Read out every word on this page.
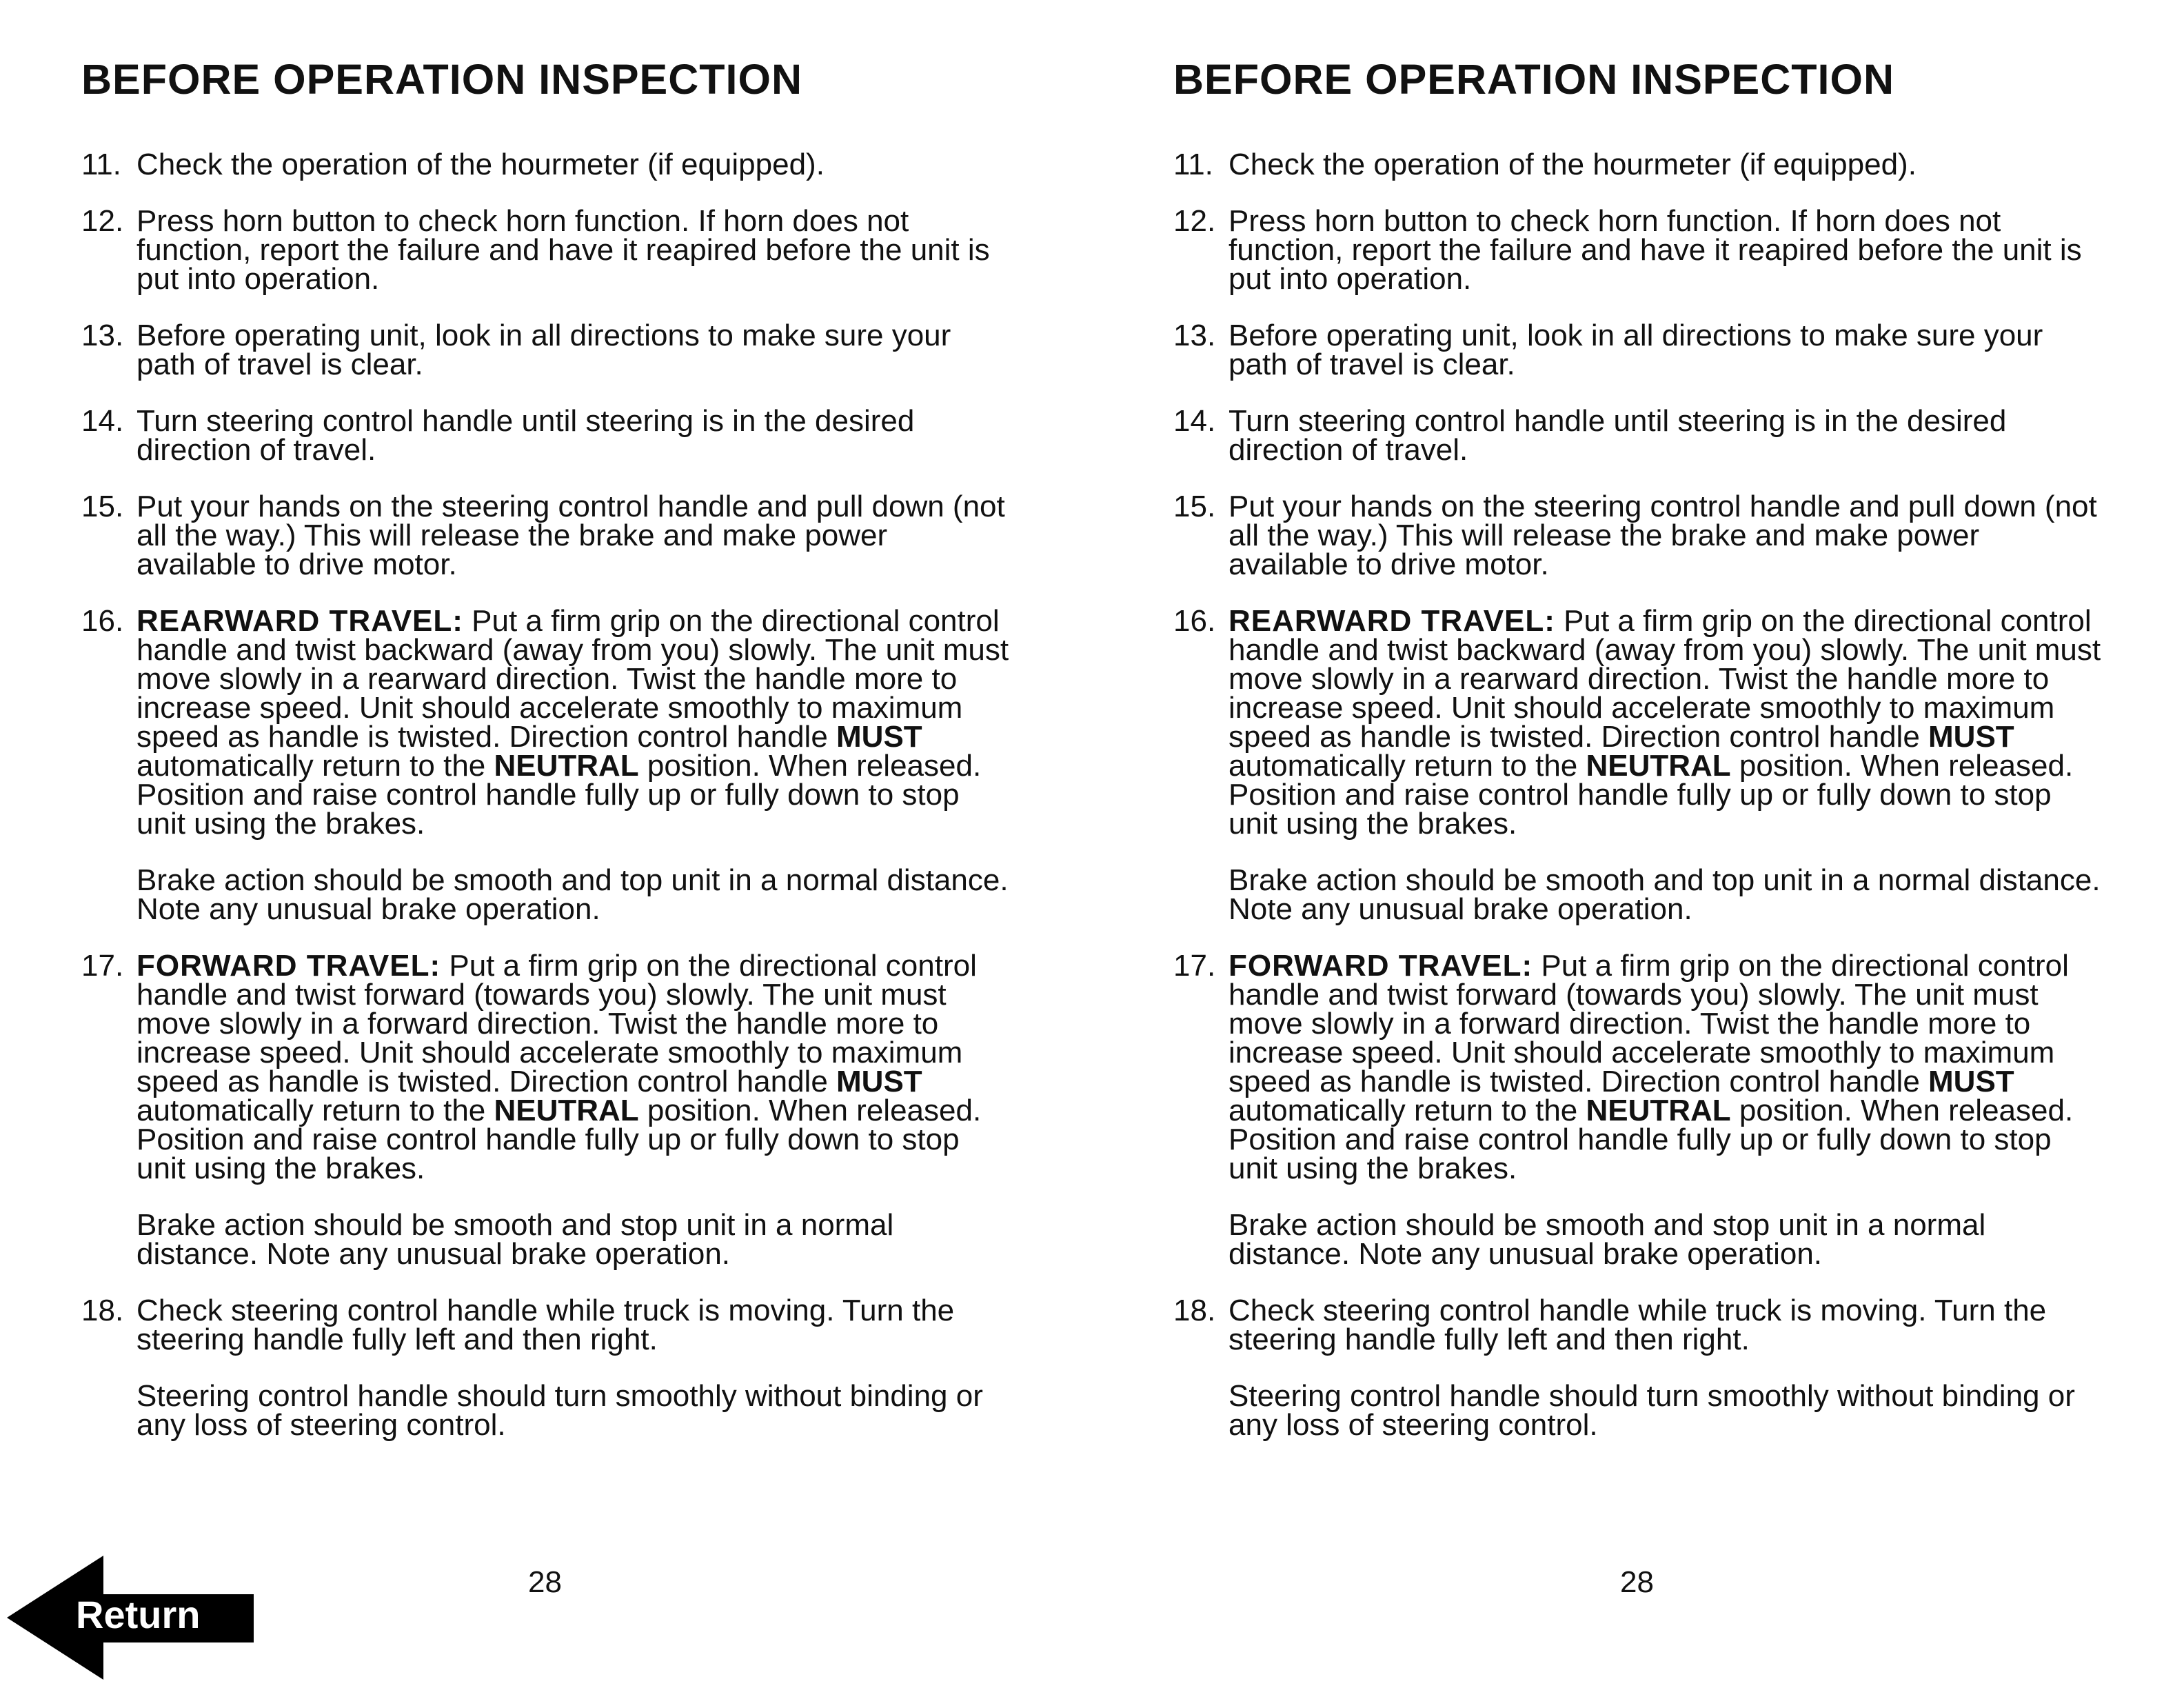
BEFORE OPERATION INSPECTION
11. Check the operation of the hourmeter (if equipped).

12. Press horn button to check horn function. If horn does not function, report the failure and have it reapired before the unit is put into operation.

13. Before operating unit, look in all directions to make sure your path of travel is clear.

14. Turn steering control handle until steering is in the desired direction of travel.

15. Put your hands on the steering control handle and pull down (not all the way.) This will release the brake and make power available to drive motor.

16. REARWARD TRAVEL: Put a firm grip on the directional control handle and twist backward (away from you) slowly. The unit must move slowly in a rearward direction. Twist the handle more to increase speed. Unit should accelerate smoothly to maximum speed as handle is twisted. Direction control handle MUST automatically return to the NEUTRAL position. When released. Position and raise control handle fully up or fully down to stop unit using the brakes.

Brake action should be smooth and top unit in a normal distance. Note any unusual brake operation.

17. FORWARD TRAVEL: Put a firm grip on the directional control handle and twist forward (towards you) slowly. The unit must move slowly in a forward direction. Twist the handle more to increase speed. Unit should accelerate smoothly to maximum speed as handle is twisted. Direction control handle MUST automatically return to the NEUTRAL position. When released. Position and raise control handle fully up or fully down to stop unit using the brakes.

Brake action should be smooth and stop unit in a normal distance. Note any unusual brake operation.

18. Check steering control handle while truck is moving. Turn the steering handle fully left and then right.

Steering control handle should turn smoothly without binding or any loss of steering control.

28
BEFORE OPERATION INSPECTION
11. Check the operation of the hourmeter (if equipped).

12. Press horn button to check horn function. If horn does not function, report the failure and have it reapired before the unit is put into operation.

13. Before operating unit, look in all directions to make sure your path of travel is clear.

14. Turn steering control handle until steering is in the desired direction of travel.

15. Put your hands on the steering control handle and pull down (not all the way.) This will release the brake and make power available to drive motor.

16. REARWARD TRAVEL: Put a firm grip on the directional control handle and twist backward (away from you) slowly. The unit must move slowly in a rearward direction. Twist the handle more to increase speed. Unit should accelerate smoothly to maximum speed as handle is twisted. Direction control handle MUST automatically return to the NEUTRAL position. When released. Position and raise control handle fully up or fully down to stop unit using the brakes.

Brake action should be smooth and top unit in a normal distance. Note any unusual brake operation.

17. FORWARD TRAVEL: Put a firm grip on the directional control handle and twist forward (towards you) slowly. The unit must move slowly in a forward direction. Twist the handle more to increase speed. Unit should accelerate smoothly to maximum speed as handle is twisted. Direction control handle MUST automatically return to the NEUTRAL position. When released. Position and raise control handle fully up or fully down to stop unit using the brakes.

Brake action should be smooth and stop unit in a normal distance. Note any unusual brake operation.

18. Check steering control handle while truck is moving. Turn the steering handle fully left and then right.

Steering control handle should turn smoothly without binding or any loss of steering control.

28
Return
